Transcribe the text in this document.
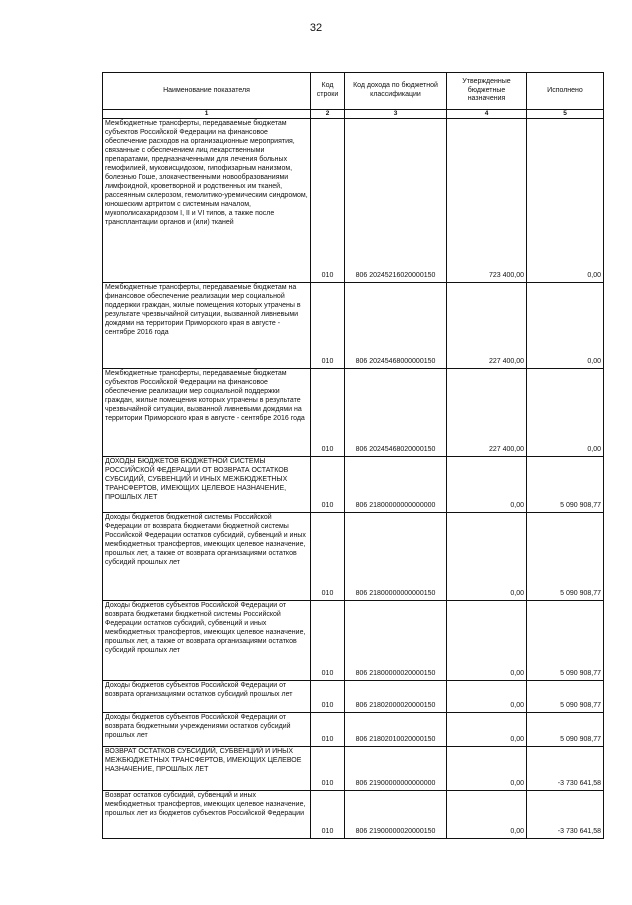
32
Наименование показателя	Код строки	Код дохода по бюджетной классификации	Утвержденные бюджетные назначения	Исполнено
1	2	3	4	5
Межбюджетные трансферты, передаваемые бюджетам субъектов Российской Федерации на финансовое обеспечение расходов на организационные мероприятия, связанные с обеспечением лиц лекарственными препаратами, предназначенными для лечения больных гемофилией, муковисцидозом, гипофизарным нанизмом, болезнью Гоше, злокачественными новообразованиями лимфоидной, кроветворной и родственных им тканей, рассеянным склерозом, гемолитико-уремическим синдромом, юношеским артритом с системным началом, мукополисахаридозом I, II и VI типов, а также после трансплантации органов и (или) тканей	010	806 20245216020000150	723 400,00	0,00
Межбюджетные трансферты, передаваемые бюджетам на финансовое обеспечение реализации мер социальной поддержки граждан, жилые помещения которых утрачены в результате чрезвычайной ситуации, вызванной ливневыми дождями на территории Приморского края в августе - сентябре 2016 года	010	806 20245468000000150	227 400,00	0,00
Межбюджетные трансферты, передаваемые бюджетам субъектов Российской Федерации на финансовое обеспечение реализации мер социальной поддержки граждан, жилые помещения которых утрачены в результате чрезвычайной ситуации, вызванной ливневыми дождями на территории Приморского края в августе - сентябре 2016 года	010	806 20245468020000150	227 400,00	0,00
ДОХОДЫ БЮДЖЕТОВ БЮДЖЕТНОЙ СИСТЕМЫ РОССИЙСКОЙ ФЕДЕРАЦИИ ОТ ВОЗВРАТА ОСТАТКОВ СУБСИДИЙ, СУБВЕНЦИЙ И ИНЫХ МЕЖБЮДЖЕТНЫХ ТРАНСФЕРТОВ, ИМЕЮЩИХ ЦЕЛЕВОЕ НАЗНАЧЕНИЕ, ПРОШЛЫХ ЛЕТ	010	806 21800000000000000	0,00	5 090 908,77
Доходы бюджетов бюджетной системы Российской Федерации от возврата бюджетами бюджетной системы Российской Федерации остатков субсидий, субвенций и иных межбюджетных трансфертов, имеющих целевое назначение, прошлых лет, а также от возврата организациями остатков субсидий прошлых лет	010	806 21800000000000150	0,00	5 090 908,77
Доходы бюджетов субъектов Российской Федерации от возврата бюджетами бюджетной системы Российской Федерации остатков субсидий, субвенций и иных межбюджетных трансфертов, имеющих целевое назначение, прошлых лет, а также от возврата организациями остатков субсидий прошлых лет	010	806 21800000020000150	0,00	5 090 908,77
Доходы бюджетов субъектов Российской Федерации от возврата организациями остатков субсидий прошлых лет	010	806 21802000020000150	0,00	5 090 908,77
Доходы бюджетов субъектов Российской Федерации от возврата бюджетными учреждениями остатков субсидий прошлых лет	010	806 21802010020000150	0,00	5 090 908,77
ВОЗВРАТ ОСТАТКОВ СУБСИДИЙ, СУБВЕНЦИЙ И ИНЫХ МЕЖБЮДЖЕТНЫХ ТРАНСФЕРТОВ, ИМЕЮЩИХ ЦЕЛЕВОЕ НАЗНАЧЕНИЕ, ПРОШЛЫХ ЛЕТ	010	806 21900000000000000	0,00	-3 730 641,58
Возврат остатков субсидий, субвенций и иных межбюджетных трансфертов, имеющих целевое назначение, прошлых лет из бюджетов субъектов Российской Федерации	010	806 21900000020000150	0,00	-3 730 641,58
